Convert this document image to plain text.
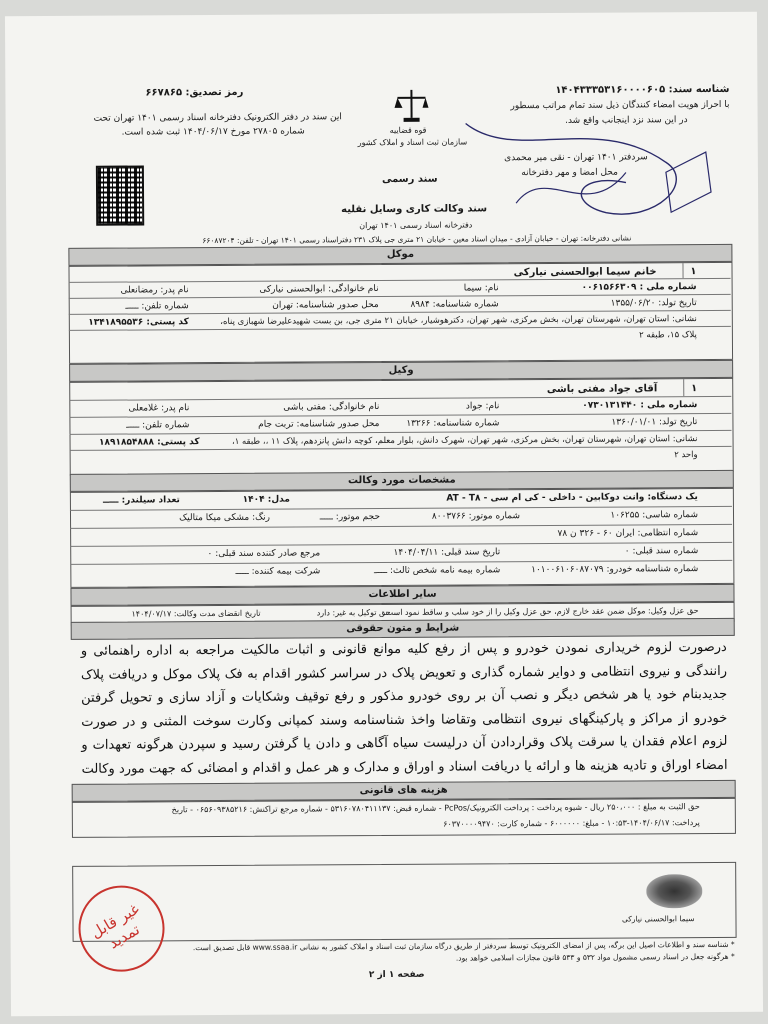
شناسه سند: ۱۴۰۴۳۳۳۵۳۱۶۰۰۰۰۶۰۵
با احراز هویت امضاء کنندگان ذیل سند تمام مراتب مسطور
در این سند نزد اینجانب واقع شد.
سردفتر ۱۴۰۱ تهران - نقی میر محمدی
محل امضا و مهر دفترخانه
رمز تصدیق: ۶۶۷۸۶۵
این سند در دفتر الکترونیک دفترخانه اسناد رسمی ۱۴۰۱ تهران تحت
شماره ۲۷۸۰۵ مورخ ۱۴۰۴/۰۶/۱۷ ثبت شده است.	قوه قضاییه
سازمان ثبت اسناد و املاک کشور
سند رسمی
سند وکالت کاری وسایل نقلیه
دفترخانه اسناد رسمی ۱۴۰۱ تهران
نشانی دفترخانه: تهران - خیابان آزادی - میدان استاد معین - خیابان ۲۱ متری جی پلاک ۲۳۱ دفتراسناد رسمی ۱۴۰۱ تهران - تلفن: ۶۶۰۸۷۲۰۴
موکل
۱
خانم سیما ابوالحسنی نیارکی
شماره ملی : ۰۰۶۱۵۶۶۳۰۹
نام: سیما
نام خانوادگی: ابوالحسنی نیارکی
نام پدر: رمضانعلی
تاریخ تولد: ۱۳۵۵/۰۶/۲۰
شماره شناسنامه: ۸۹۸۴
محل صدور شناسنامه: تهران
شماره تلفن: ـــــ
نشانی: استان تهران، شهرستان تهران، بخش مرکزی، شهر تهران، دکترهوشیار، خیابان ۲۱ متری جی، بن بست شهیدعلیرضا شهبازی پناه،
پلاک ۱۵، طبقه ۲
کد پستی: ۱۳۴۱۸۹۵۵۳۶
وکیل
۱
آقای جواد مفتی باشی
شماره ملی : ۰۷۳۰۱۳۱۴۴۰
نام: جواد
نام خانوادگی: مفتی باشی
نام پدر: غلامعلی
تاریخ تولد: ۱۳۶۰/۰۱/۰۱
شماره شناسنامه: ۱۳۲۶۶
محل صدور شناسنامه: تربت جام
شماره تلفن: ـــــ
نشانی: استان تهران، شهرستان تهران، بخش مرکزی، شهر تهران، شهرک دانش، بلوار معلم، کوچه دانش پانزدهم، پلاک ۱۱ ،، طبقه ۱،
واحد ۲
کد پستی: ۱۸۹۱۸۵۴۸۸۸
مشخصات مورد وکالت
یک دستگاه: وانت دوکابین - داخلی - کی ام سی - AT - T۸
مدل: ۱۴۰۴
تعداد سیلندر: ـــــ
شماره شاسی: ۱۰۶۲۵۵
شماره موتور: ۸۰۰۳۷۶۶
حجم موتور: ـــــ
رنگ: مشکی میکا متالیک
شماره انتظامی: ایران ۶۰ - ۳۲۶ ن ۷۸
شماره سند قبلی: ۰
تاریخ سند قبلی: ۱۴۰۴/۰۴/۱۱
مرجع صادر کننده سند قبلی: ۰
شماره شناسنامه خودرو: ۱۰۱۰۰۶۱۰۶۰۸۷۰۷۹
شماره بیمه نامه شخص ثالث: ـــــ
شرکت بیمه کننده: ـــــ
سایر اطلاعات
حق عزل وکیل: موکل ضمن عقد خارج لازم، حق عزل وکیل را از خود سلب و ساقط نمود است.
حق توکیل به غیر: دارد
تاریخ انقضای مدت وکالت: ۱۴۰۴/۰۷/۱۷
شرایط و متون حقوقی
درصورت لزوم خریداری نمودن خودرو و پس از رفع کلیه موانع قانونی و اثبات مالکیت مراجعه به اداره راهنمائی و رانندگی و نیروی انتظامی و دوایر شماره گذاری و تعویض پلاک در سراسر کشور اقدام به فک پلاک موکل و دریافت پلاک جدیدبنام خود یا هر شخص دیگر و نصب آن بر روی خودرو مذکور و رفع توقیف وشکایات و آزاد سازی و تحویل گرفتن خودرو از مراکز و پارکینگهای نیروی انتظامی وتقاضا واخذ شناسنامه وسند کمپانی وکارت سوخت المثنی و در صورت لزوم اعلام فقدان یا سرقت پلاک وقراردادن آن درلیست سیاه آگاهی و دادن یا گرفتن رسید و سپردن هرگونه تعهدات و امضاء اوراق و تادیه هزینه ها و ارائه یا دریافت اسناد و اوراق و مدارک و هر عمل و اقدام و امضائی که جهت مورد وکالت
هزینه های قانونی
حق الثبت به مبلغ : ۲۵۰،۰۰۰ ریال - شیوه پرداخت : پرداخت الکترونیک/PcPos - شماره قبض: ۵۳۱۶۰۷۸۰۴۱۱۱۳۷ - شماره مرجع تراکنش: ۰۶۵۶۰۹۳۸۵۲۱۶ - تاریخ
پرداخت: ۱۴۰۴/۰۶/۱۷-۱۰:۵۳ - مبلغ: ۶۰۰۰۰۰۰ - شماره کارت: ۶۰۳۷۰۰۰۰۹۴۷۰
سیما ابوالحسنی نیارکی
غیر قابل تمدید	* شناسه سند و اطلاعات اصیل این برگه، پس از امضای الکترونیک توسط سردفتر از طریق درگاه سازمان ثبت اسناد و املاک کشور به نشانی www.ssaa.ir قابل تصدیق است.
* هرگونه جعل در اسناد رسمی مشمول مواد ۵۳۲ و ۵۳۳ قانون مجازات اسلامی خواهد بود.
صفحه ۱ از ۲
